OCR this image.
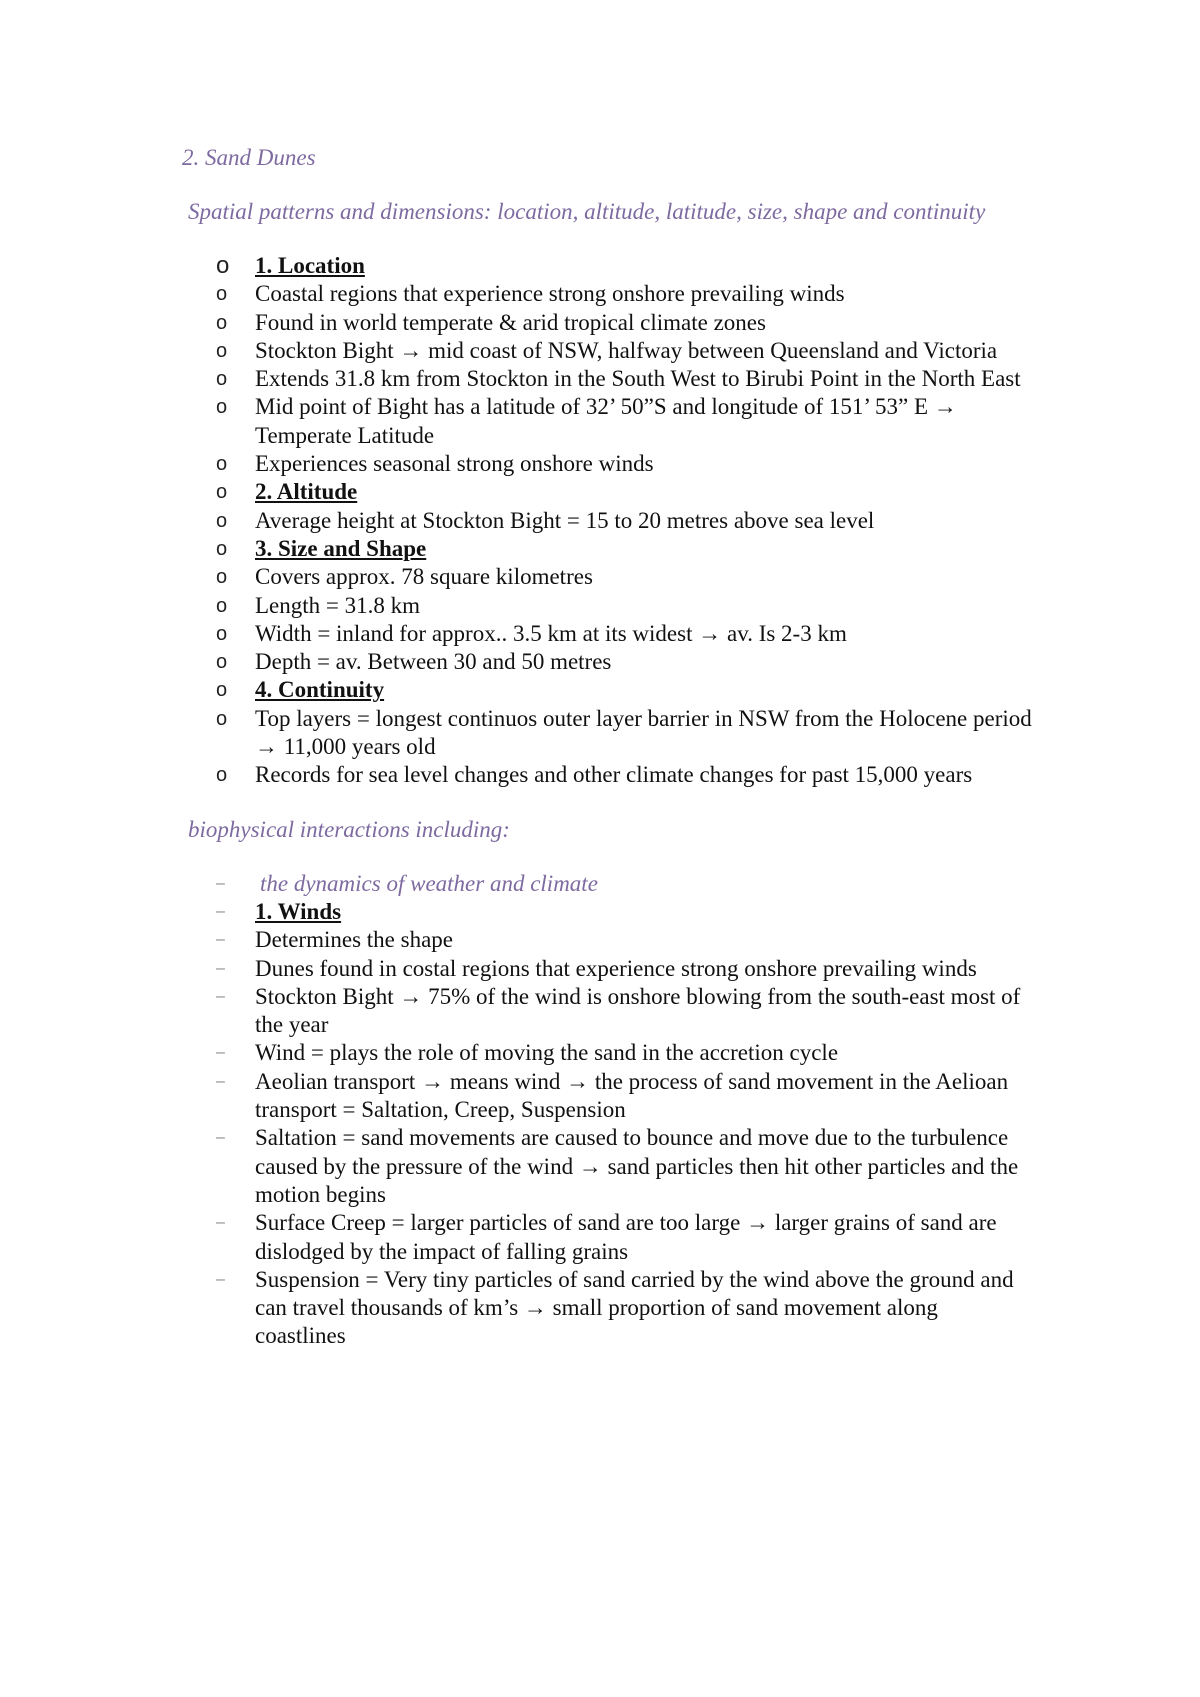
2. Sand Dunes

Spatial patterns and dimensions: location, altitude, latitude, size, shape and continuity

o 1. Location
o Coastal regions that experience strong onshore prevailing winds
o Found in world temperate & arid tropical climate zones
o Stockton Bight → mid coast of NSW, halfway between Queensland and Victoria
o Extends 31.8 km from Stockton in the South West to Birubi Point in the North East
o Mid point of Bight has a latitude of 32’ 50”S and longitude of 151’ 53” E → Temperate Latitude
o Experiences seasonal strong onshore winds
o 2. Altitude
o Average height at Stockton Bight = 15 to 20 metres above sea level
o 3. Size and Shape
o Covers approx. 78 square kilometres
o Length = 31.8 km
o Width = inland for approx.. 3.5 km at its widest → av. Is 2-3 km
o Depth = av. Between 30 and 50 metres
o 4. Continuity
o Top layers = longest continuos outer layer barrier in NSW from the Holocene period → 11,000 years old
o Records for sea level changes and other climate changes for past 15,000 years

biophysical interactions including:

– the dynamics of weather and climate
– 1. Winds
– Determines the shape
– Dunes found in costal regions that experience strong onshore prevailing winds
– Stockton Bight → 75% of the wind is onshore blowing from the south-east most of the year
– Wind = plays the role of moving the sand in the accretion cycle
– Aeolian transport → means wind → the process of sand movement in the Aelioan transport = Saltation, Creep, Suspension
– Saltation = sand movements are caused to bounce and move due to the turbulence caused by the pressure of the wind → sand particles then hit other particles and the motion begins
– Surface Creep = larger particles of sand are too large → larger grains of sand are dislodged by the impact of falling grains
– Suspension = Very tiny particles of sand carried by the wind above the ground and can travel thousands of km’s → small proportion of sand movement along coastlines
